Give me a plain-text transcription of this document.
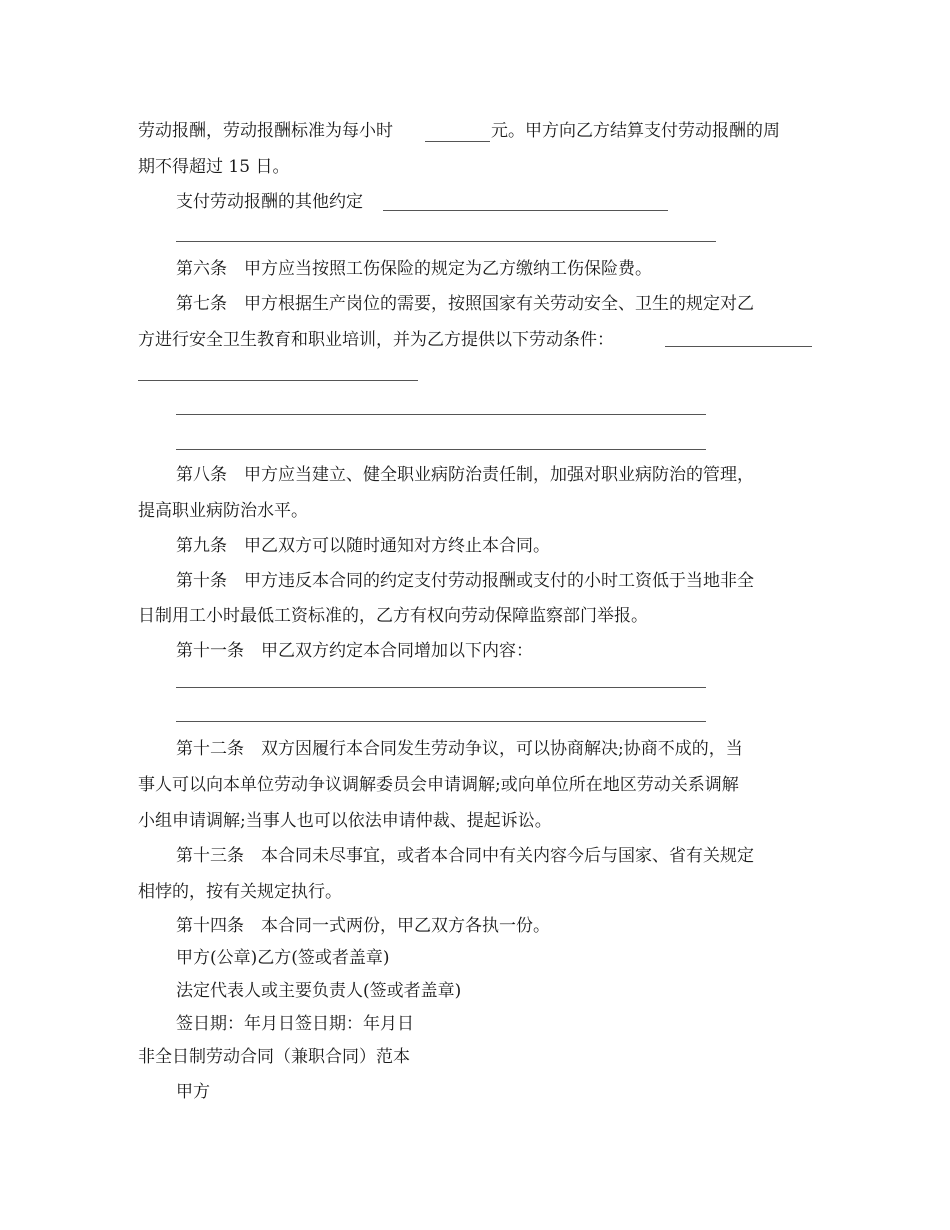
劳动报酬，劳动报酬标准为每小时	元。甲方向乙方结算支付劳动报酬的周
期不得超过 15 日。
支付劳动报酬的其他约定
第六条　甲方应当按照工伤保险的规定为乙方缴纳工伤保险费。
第七条　甲方根据生产岗位的需要，按照国家有关劳动安全、卫生的规定对乙
方进行安全卫生教育和职业培训，并为乙方提供以下劳动条件：
第八条　甲方应当建立、健全职业病防治责任制，加强对职业病防治的管理，
提高职业病防治水平。
第九条　甲乙双方可以随时通知对方终止本合同。
第十条　甲方违反本合同的约定支付劳动报酬或支付的小时工资低于当地非全
日制用工小时最低工资标准的，乙方有权向劳动保障监察部门举报。
第十一条　甲乙双方约定本合同增加以下内容：
第十二条　双方因履行本合同发生劳动争议，可以协商解决;协商不成的，当
事人可以向本单位劳动争议调解委员会申请调解;或向单位所在地区劳动关系调解
小组申请调解;当事人也可以依法申请仲裁、提起诉讼。
第十三条　本合同未尽事宜，或者本合同中有关内容今后与国家、省有关规定
相悖的，按有关规定执行。
第十四条　本合同一式两份，甲乙双方各执一份。
甲方(公章)乙方(签或者盖章)
法定代表人或主要负责人(签或者盖章)
签日期：年月日签日期：年月日
非全日制劳动合同（兼职合同）范本
甲方
